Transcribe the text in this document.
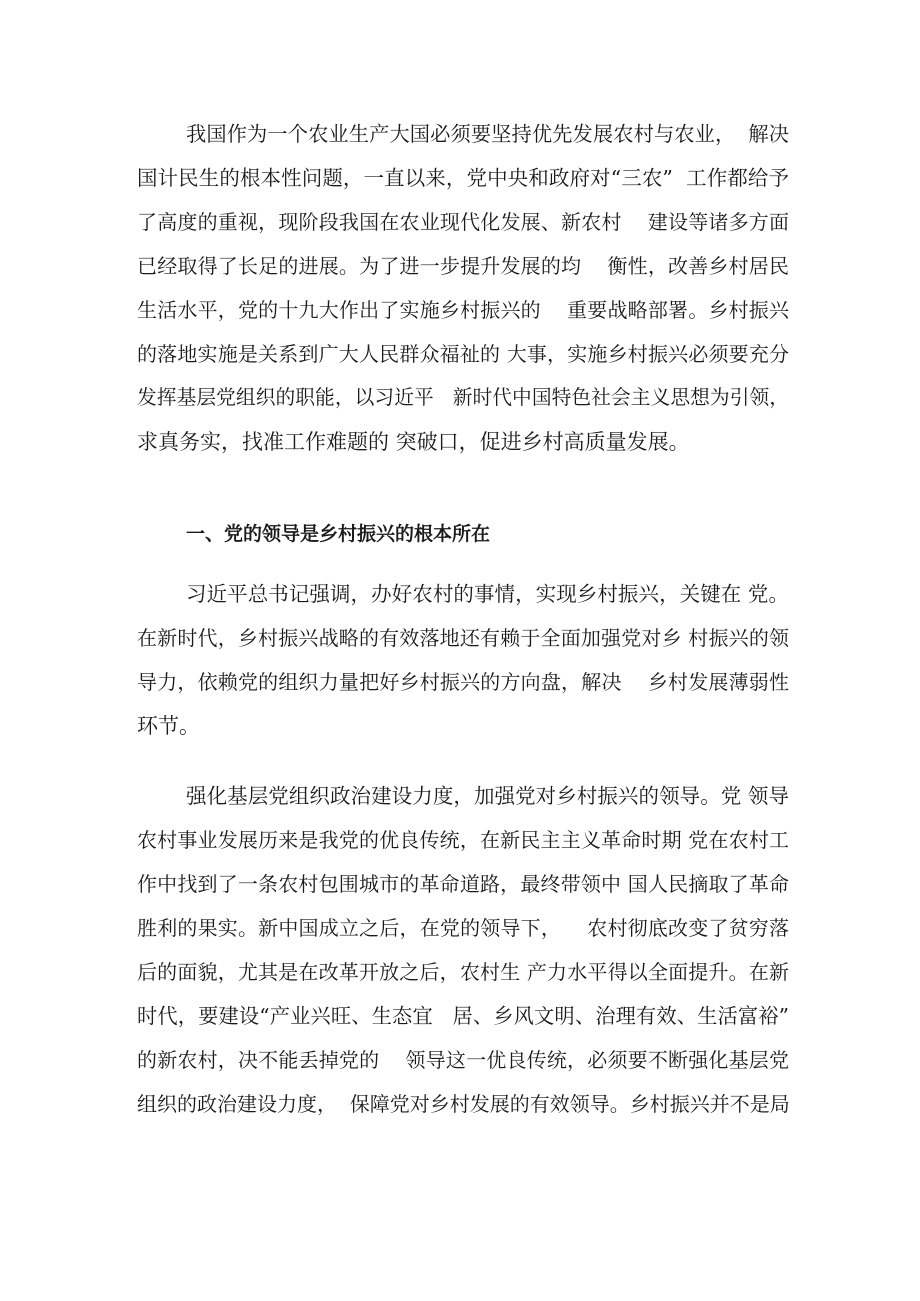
我国作为一个农业生产大国必须要坚持优先发展农村与农业，  解决
国计民生的根本性问题，一直以来，党中央和政府对“三农”  工作都给予
了高度的重视，现阶段我国在农业现代化发展、新农村    建设等诸多方面
已经取得了长足的进展。为了进一步提升发展的均    衡性，改善乡村居民
生活水平，党的十九大作出了实施乡村振兴的    重要战略部署。乡村振兴
的落地实施是关系到广大人民群众福祉的 大事，实施乡村振兴必须要充分
发挥基层党组织的职能，以习近平   新时代中国特色社会主义思想为引领，
求真务实，找准工作难题的 突破口，促进乡村高质量发展。
一、党的领导是乡村振兴的根本所在
习近平总书记强调，办好农村的事情，实现乡村振兴，关键在 党。
在新时代，乡村振兴战略的有效落地还有赖于全面加强党对乡 村振兴的领
导力，依赖党的组织力量把好乡村振兴的方向盘，解决    乡村发展薄弱性
环节。
强化基层党组织政治建设力度，加强党对乡村振兴的领导。党 领导
农村事业发展历来是我党的优良传统，在新民主主义革命时期 党在农村工
作中找到了一条农村包围城市的革命道路，最终带领中 国人民摘取了革命
胜利的果实。新中国成立之后，在党的领导下，    农村彻底改变了贫穷落
后的面貌，尤其是在改革开放之后，农村生 产力水平得以全面提升。在新
时代，要建设“产业兴旺、生态宜   居、乡风文明、治理有效、生活富裕”
的新农村，决不能丢掉党的    领导这一优良传统，必须要不断强化基层党
组织的政治建设力度，  保障党对乡村发展的有效领导。乡村振兴并不是局
